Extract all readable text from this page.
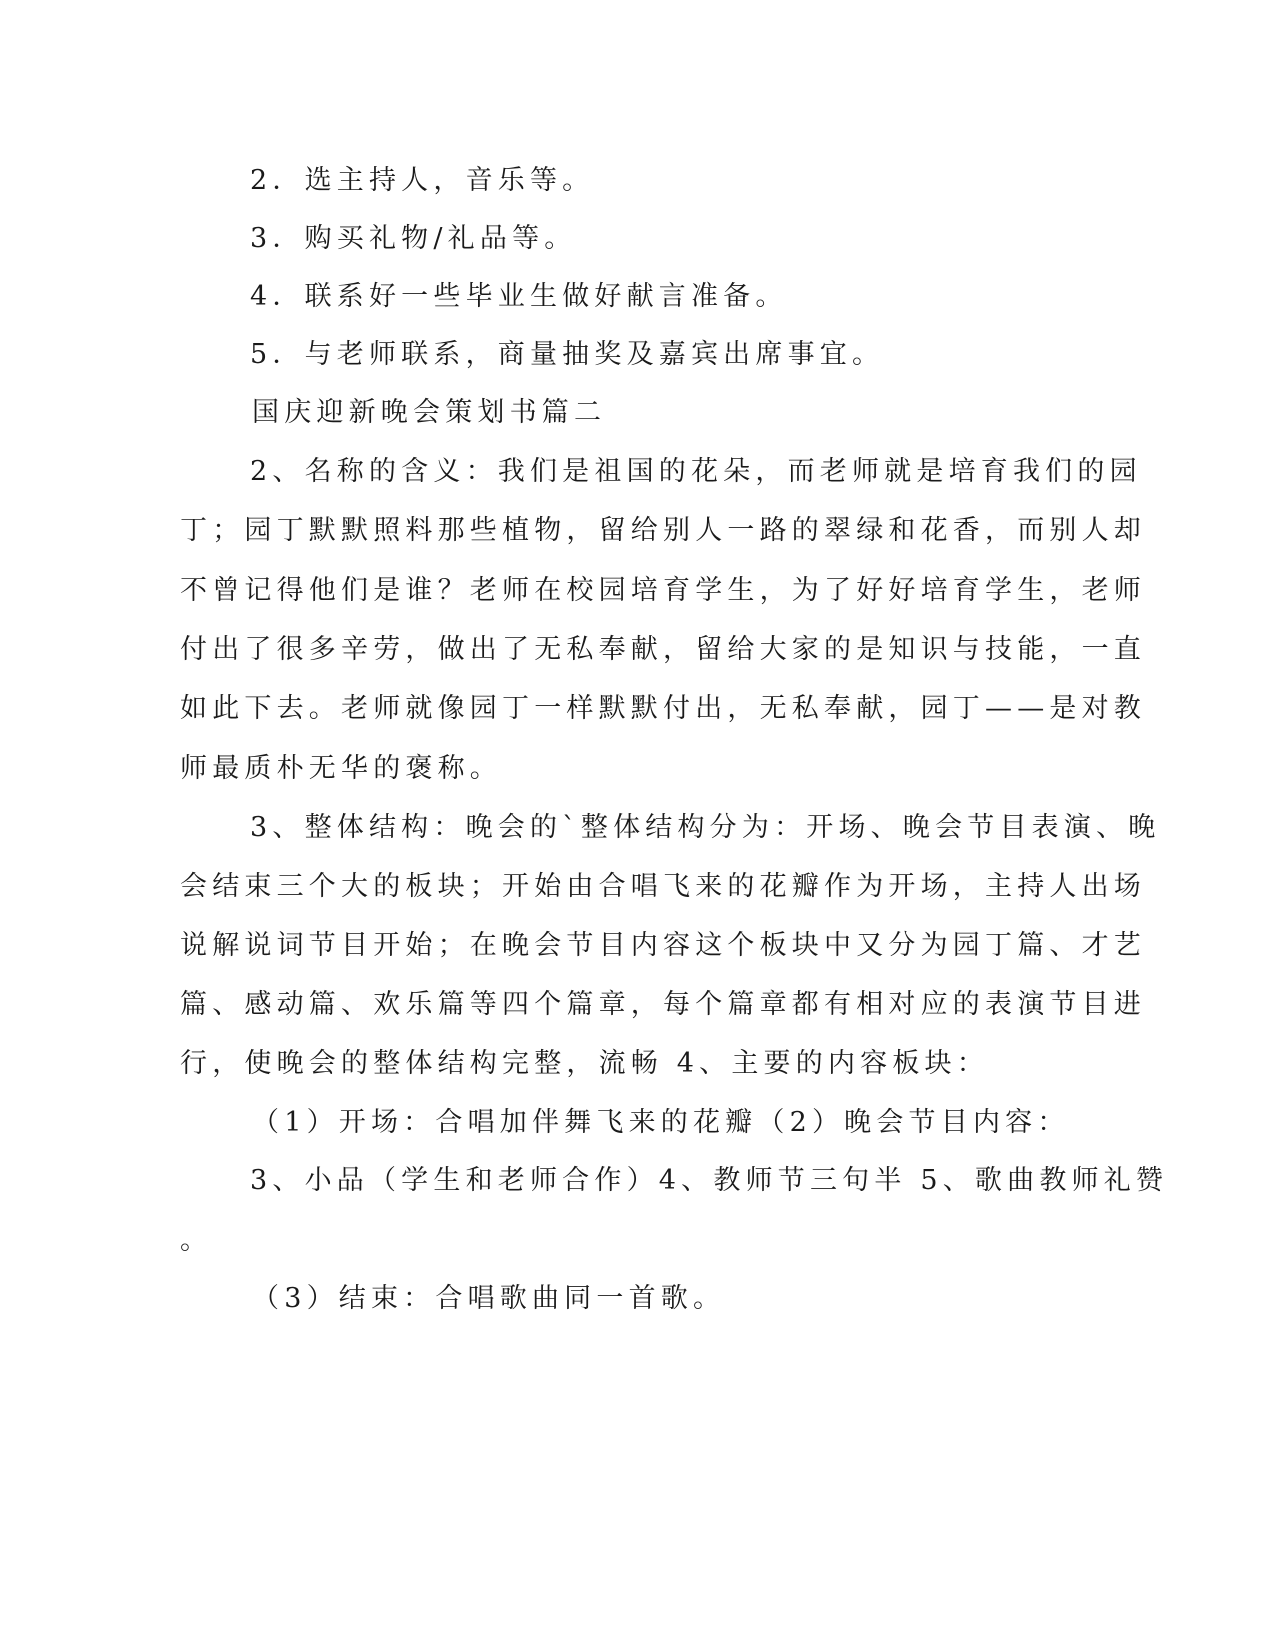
2．选主持人，音乐等。
3．购买礼物/礼品等。
4．联系好一些毕业生做好献言准备。
5．与老师联系，商量抽奖及嘉宾出席事宜。
国庆迎新晚会策划书篇二
2、名称的含义：我们是祖国的花朵，而老师就是培育我们的园
丁；园丁默默照料那些植物，留给别人一路的翠绿和花香，而别人却
不曾记得他们是谁？老师在校园培育学生，为了好好培育学生，老师
付出了很多辛劳，做出了无私奉献，留给大家的是知识与技能，一直
如此下去。老师就像园丁一样默默付出，无私奉献，园丁——是对教
师最质朴无华的褒称。
3、整体结构：晚会的`整体结构分为：开场、晚会节目表演、晚
会结束三个大的板块；开始由合唱飞来的花瓣作为开场，主持人出场
说解说词节目开始；在晚会节目内容这个板块中又分为园丁篇、才艺
篇、感动篇、欢乐篇等四个篇章，每个篇章都有相对应的表演节目进
行，使晚会的整体结构完整，流畅 4、主要的内容板块：
（1）开场：合唱加伴舞飞来的花瓣（2）晚会节目内容：
3、小品（学生和老师合作）4、教师节三句半 5、歌曲教师礼赞
。
（3）结束：合唱歌曲同一首歌。
